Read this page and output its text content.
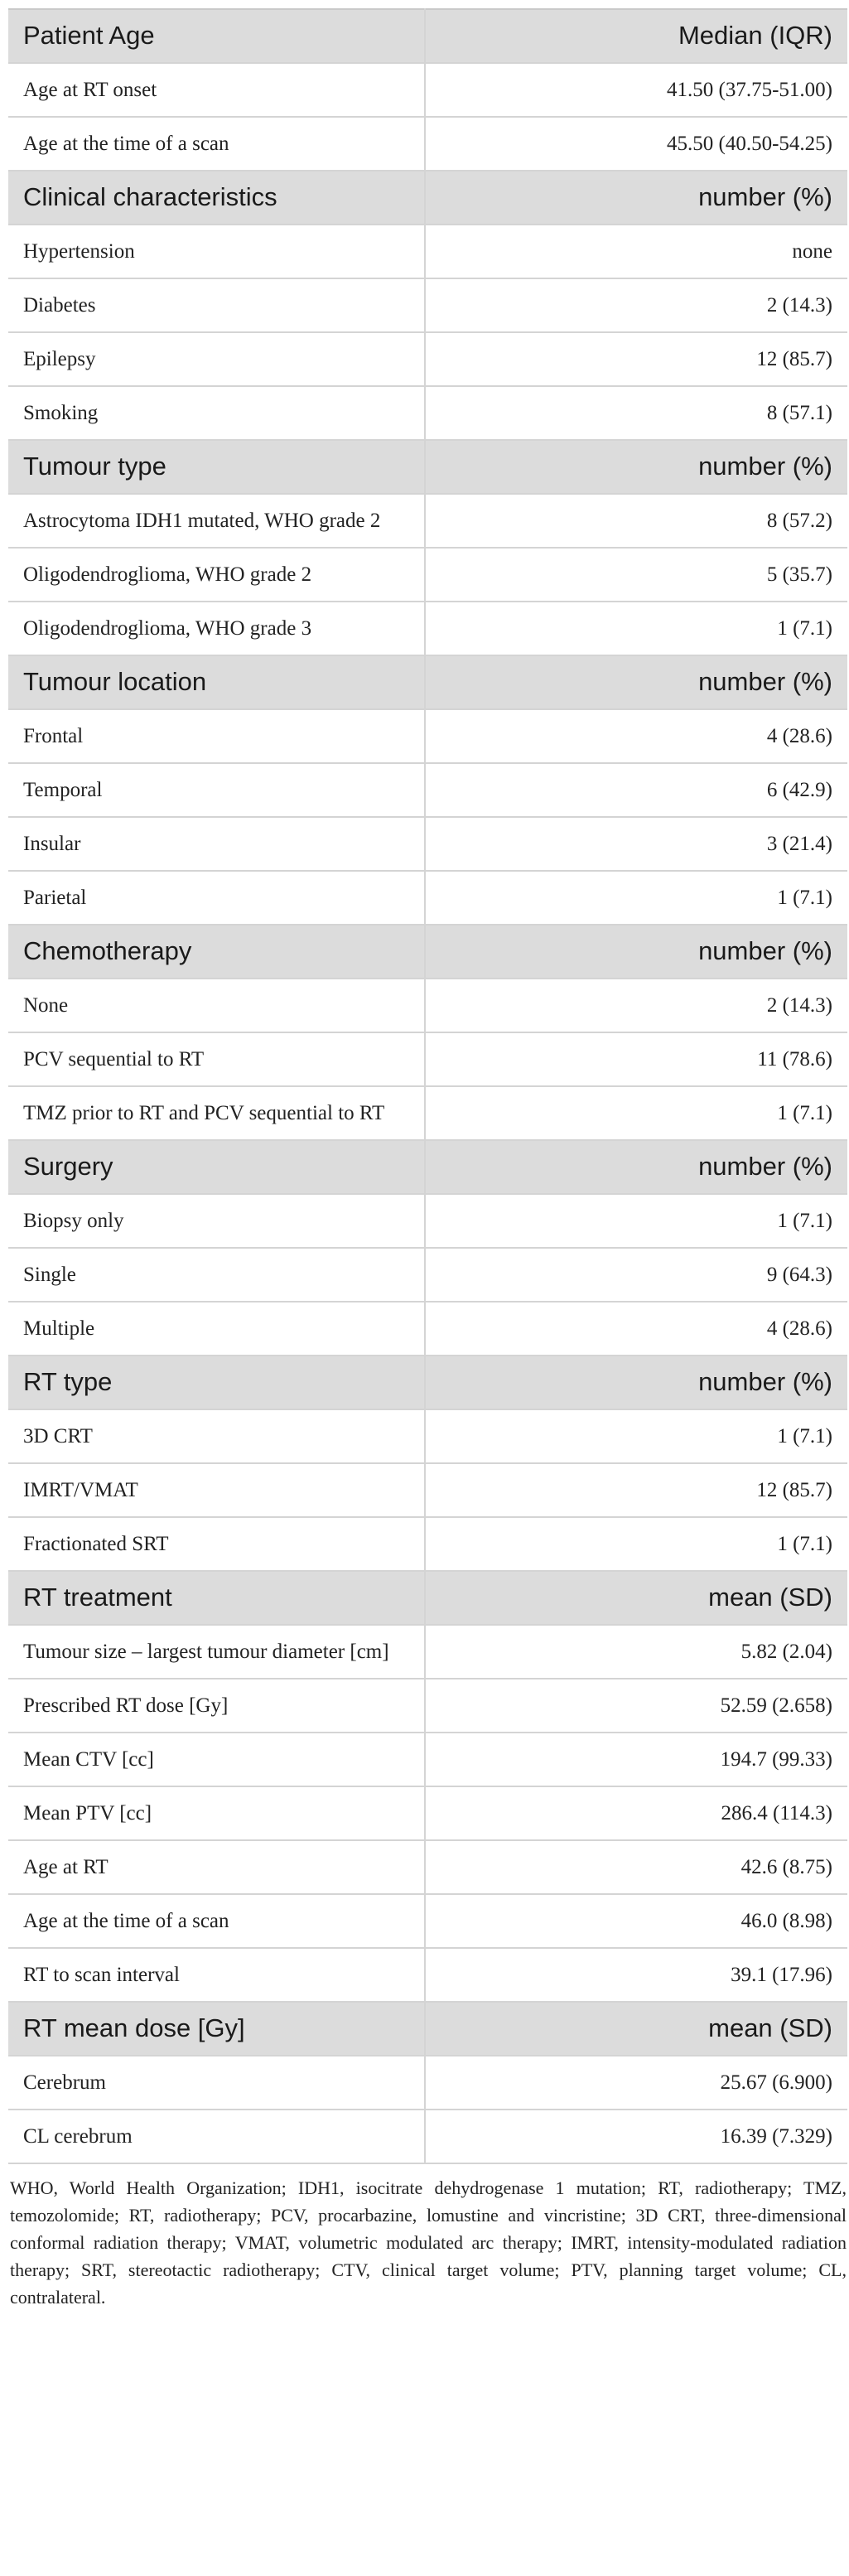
Patient Age	Median (IQR)
Age at RT onset	41.50 (37.75-51.00)
Age at the time of a scan	45.50 (40.50-54.25)
Clinical characteristics	number (%)
Hypertension	none
Diabetes	2 (14.3)
Epilepsy	12 (85.7)
Smoking	8 (57.1)
Tumour type	number (%)
Astrocytoma IDH1 mutated, WHO grade 2	8 (57.2)
Oligodendroglioma, WHO grade 2	5 (35.7)
Oligodendroglioma, WHO grade 3	1 (7.1)
Tumour location	number (%)
Frontal	4 (28.6)
Temporal	6 (42.9)
Insular	3 (21.4)
Parietal	1 (7.1)
Chemotherapy	number (%)
None	2 (14.3)
PCV sequential to RT	11 (78.6)
TMZ prior to RT and PCV sequential to RT	1 (7.1)
Surgery	number (%)
Biopsy only	1 (7.1)
Single	9 (64.3)
Multiple	4 (28.6)
RT type	number (%)
3D CRT	1 (7.1)
IMRT/VMAT	12 (85.7)
Fractionated SRT	1 (7.1)
RT treatment	mean (SD)
Tumour size – largest tumour diameter [cm]	5.82 (2.04)
Prescribed RT dose [Gy]	52.59 (2.658)
Mean CTV [cc]	194.7 (99.33)
Mean PTV [cc]	286.4 (114.3)
Age at RT	42.6 (8.75)
Age at the time of a scan	46.0 (8.98)
RT to scan interval	39.1 (17.96)
RT mean dose [Gy]	mean (SD)
Cerebrum	25.67 (6.900)
CL cerebrum	16.39 (7.329)
WHO, World Health Organization; IDH1, isocitrate dehydrogenase 1 mutation; RT, radiotherapy; TMZ, temozolomide; RT, radiotherapy; PCV, procarbazine, lomustine and vincristine; 3D CRT, three-dimensional conformal radiation therapy; VMAT, volumetric modulated arc therapy; IMRT, intensity-modulated radiation therapy; SRT, stereotactic radiotherapy; CTV, clinical target volume; PTV, planning target volume; CL, contralateral.
